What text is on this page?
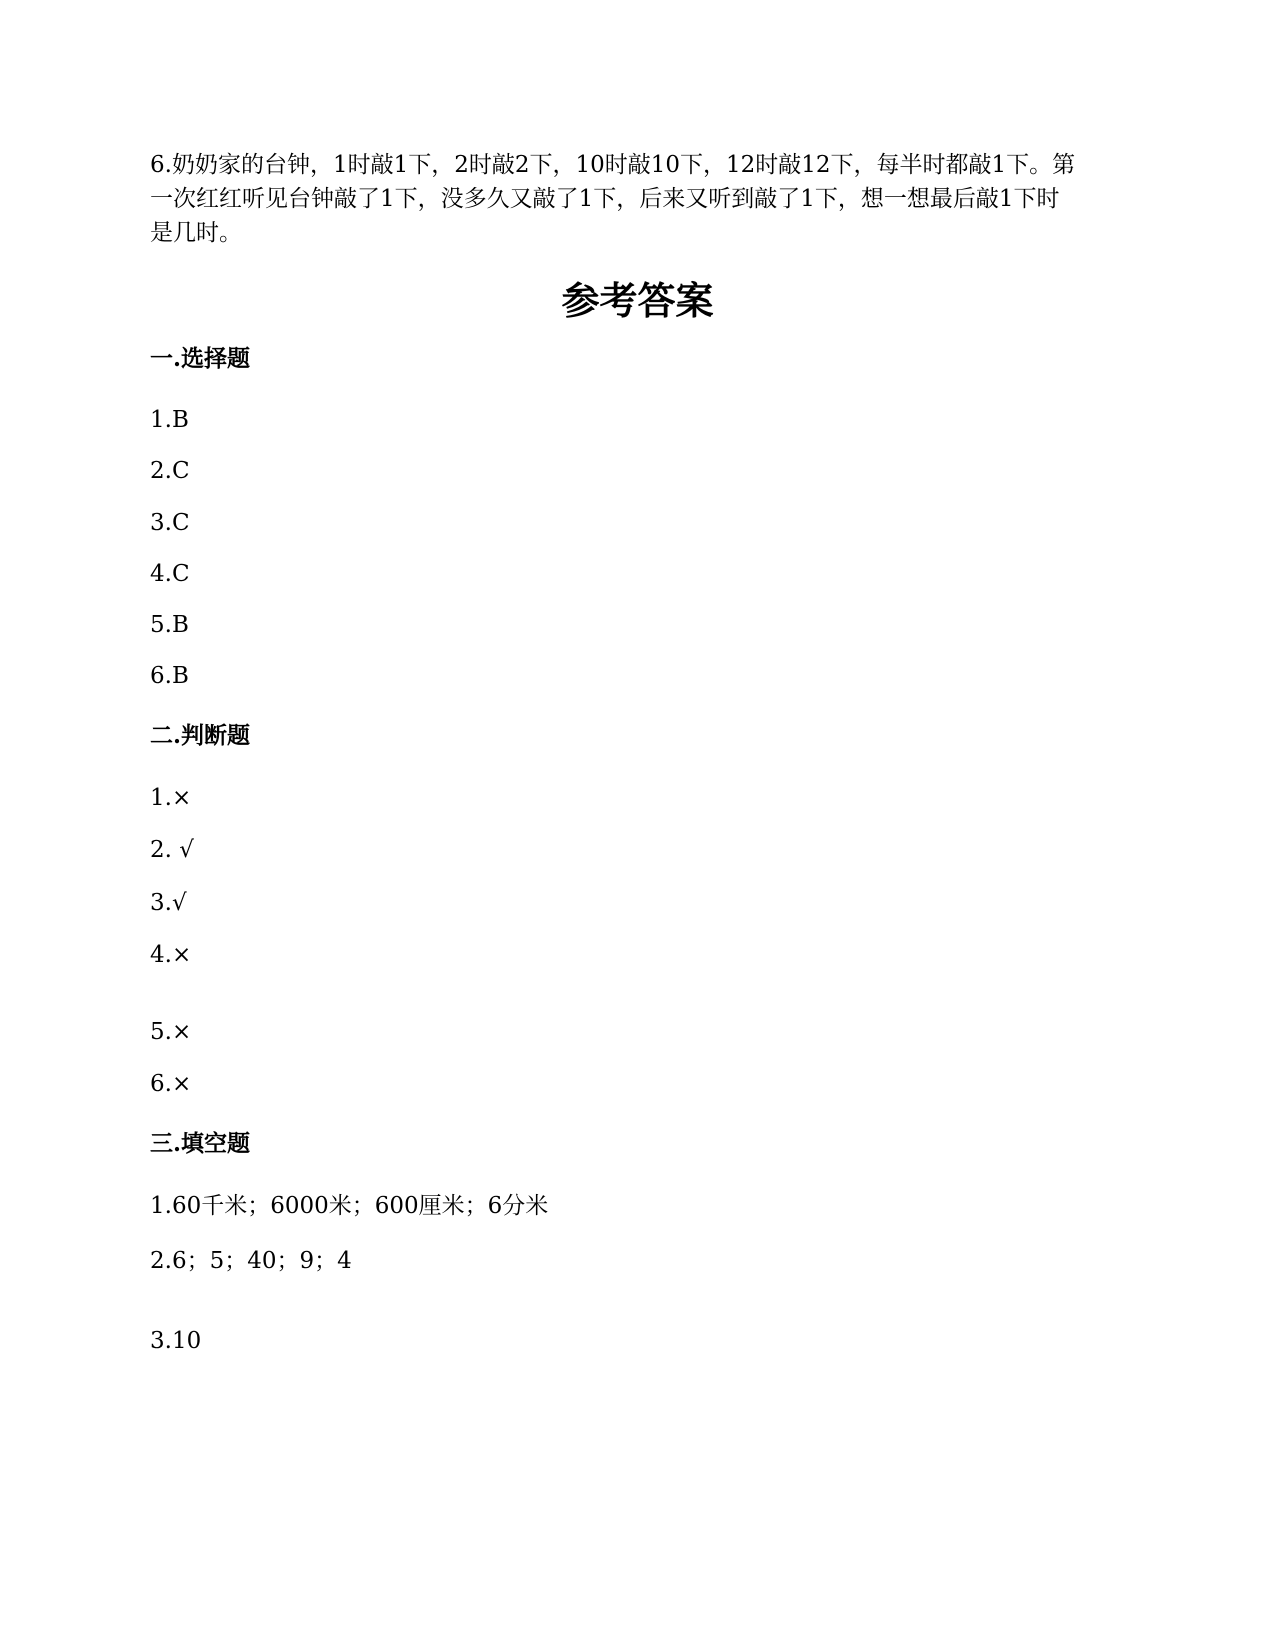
6.奶奶家的台钟，1时敲1下，2时敲2下，10时敲10下，12时敲12下，每半时都敲1下。第

一次红红听见台钟敲了1下，没多久又敲了1下，后来又听到敲了1下，想一想最后敲1下时

是几时。

参考答案
一.选择题
1.B
2.C
3.C
4.C
5.B
6.B
二.判断题
1.×
2. √
3.√
4.×
5.×
6.×
三.填空题
1.60千米；6000米；600厘米；6分米
2.6；5；40；9；4
3.10
